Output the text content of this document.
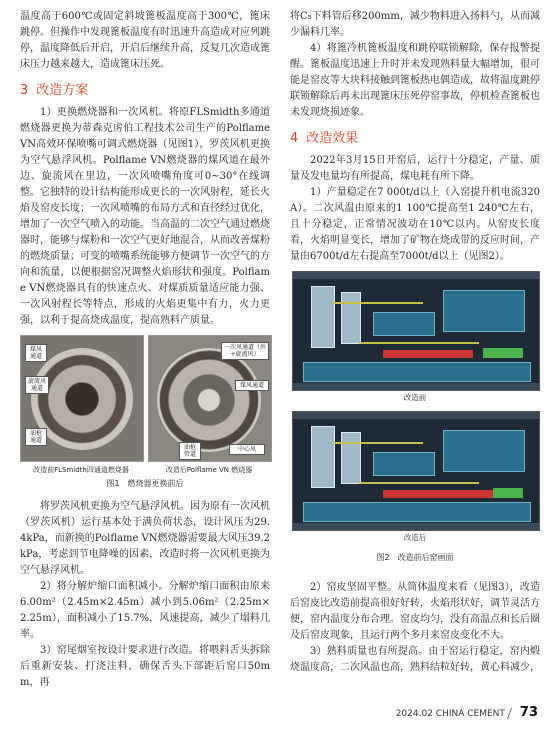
温度高于600℃或固定斜坡篦板温度高于300℃，篦床跳停。但操作中发现篦板温度有时迅速升高造成对应列跳停，温度降低后开启，开启后继续升高，反复几次造成篦床压力越来越大，造成篦床压死。

3 改造方案

1）更换燃烧器和一次风机。将原FLSmidth多通道燃烧器更换为蒂森克虏伯工程技术公司生产的Polflame VN高效环保喷嘴可调式燃烧器（见图1），罗茨风机更换为空气悬浮风机。Polflame VN燃烧器的煤风道在最外边、旋流风在里边，一次风喷嘴角度可0~30°在线调整。它独特的设计结构能形成更长的一次风射程，延长火焰及窑皮长度；一次风喷嘴的布局方式和直径经过优化，增加了一次空气喷入的动能。当高温的二次空气通过燃烧器时，能够与煤粉和一次空气更好地混合，从而改善煤粉的燃烧质量；可变的喷嘴系统能够方便调节一次空气的方向和流量，以便根据窑况调整火焰形状和强度。Polflame VN燃烧器具有的快速点火、对煤质质量适应能力强、一次风射程长等特点，形成的火焰更集中有力，火力更强，以利于提高烧成温度，提高熟料产质量。

煤风通道
旋流风通道
油枪通道
一次风通道（外+旋流风）
煤风通道
中心风
油枪管道
改造前FLSmidth四通道燃烧器	改造后Polflame VN 燃烧器

图1　燃烧器更换前后

将罗茨风机更换为空气悬浮风机。因为原有一次风机（罗茨风机）运行基本处于满负荷状态，设计风压为29.4kPa，而新换的Polflame VN燃烧器需要最大风压39.2kPa，考虑到节电降噪的因素，改造时将一次风机更换为空气悬浮风机。

2）将分解炉缩口面积减小。分解炉缩口面积由原来6.00m²（2.45m×2.45m）减小到5.06m²（2.25m×2.25m），面积减小了15.7%，风速提高，减少了塌料几率。

3）窑尾烟室按设计要求进行改造。将喂料舌头拆除后重新安装、打浇注料，确保舌头下部距后窑口50mm，再

将C₅下料管后移200mm，减少物料进入扬料勺，从而减少漏料几率。

4）将篦冷机篦板温度和跳停联锁解除，保存报警提醒。篦板温度迅速上升时并未发现熟料量大幅增加，很可能是窑皮等大块料接触到篦板热电偶造成，故将温度跳停联锁解除后再未出现篦床压死停窑事故，停机检查篦板也未发现烧损迹象。

4 改造效果

2022年3月15日开窑后，运行十分稳定，产量、质量及发电量均有所提高，煤电耗有所下降。

1）产量稳定在7 000t/d以上（入窑提升机电流320A）。二次风温由原来的1 100℃提高至1 240℃左右，且十分稳定，正常情况波动在10℃以内。从窑皮长度看，火焰明显变长，增加了矿物在烧成带的反应时间，产量由6700t/d左右提高至7000t/d以上（见图2）。

改造前
改造后

图2　改造前后窑画面

2）窑皮坚固平整。从筒体温度来看（见图3），改造后窑皮比改造前提高很好好转，火焰形状好，调节灵活方便，窑内温度分布合理。窑皮均匀，没有高温点和长后圈及后窑皮现象，且运行两个多月来窑皮变化不大。

3）熟料质量也有所提高。由于窑运行稳定，窑内煅烧温度高，二次风温也高，熟料结粒好转，黄心料减少，

2024.02 CHINA CEMENT 73
